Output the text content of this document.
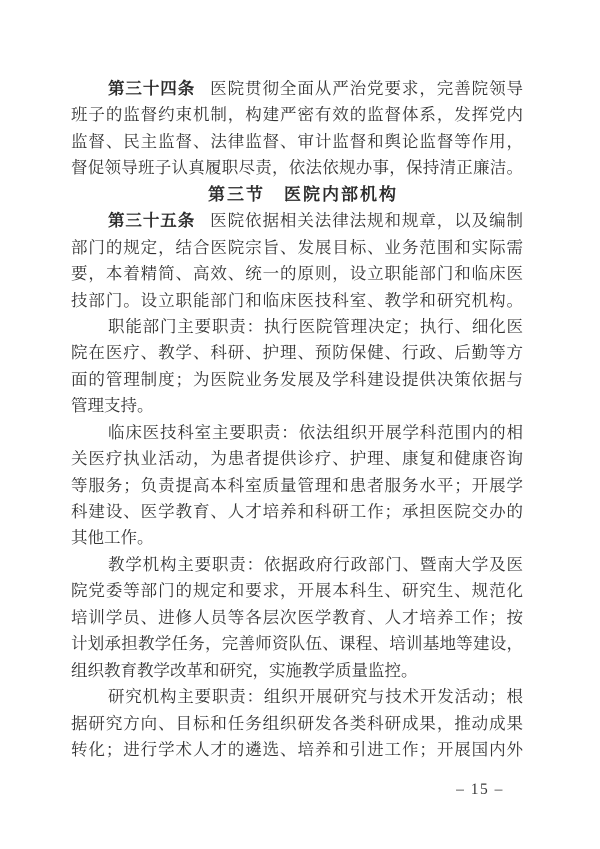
第三十四条 医院贯彻全面从严治党要求，完善院领导
班子的监督约束机制，构建严密有效的监督体系，发挥党内
监督、民主监督、法律监督、审计监督和舆论监督等作用，
督促领导班子认真履职尽责，依法依规办事，保持清正廉洁。
第三节　医院内部机构
第三十五条 医院依据相关法律法规和规章，以及编制
部门的规定，结合医院宗旨、发展目标、业务范围和实际需
要，本着精简、高效、统一的原则，设立职能部门和临床医
技部门。设立职能部门和临床医技科室、教学和研究机构。
职能部门主要职责：执行医院管理决定；执行、细化医
院在医疗、教学、科研、护理、预防保健、行政、后勤等方
面的管理制度；为医院业务发展及学科建设提供决策依据与
管理支持。
临床医技科室主要职责：依法组织开展学科范围内的相
关医疗执业活动，为患者提供诊疗、护理、康复和健康咨询
等服务；负责提高本科室质量管理和患者服务水平；开展学
科建设、医学教育、人才培养和科研工作；承担医院交办的
其他工作。
教学机构主要职责：依据政府行政部门、暨南大学及医
院党委等部门的规定和要求，开展本科生、研究生、规范化
培训学员、进修人员等各层次医学教育、人才培养工作；按
计划承担教学任务，完善师资队伍、课程、培训基地等建设，
组织教育教学改革和研究，实施教学质量监控。
研究机构主要职责：组织开展研究与技术开发活动；根
据研究方向、目标和任务组织研发各类科研成果，推动成果
转化；进行学术人才的遴选、培养和引进工作；开展国内外
– 15 –
